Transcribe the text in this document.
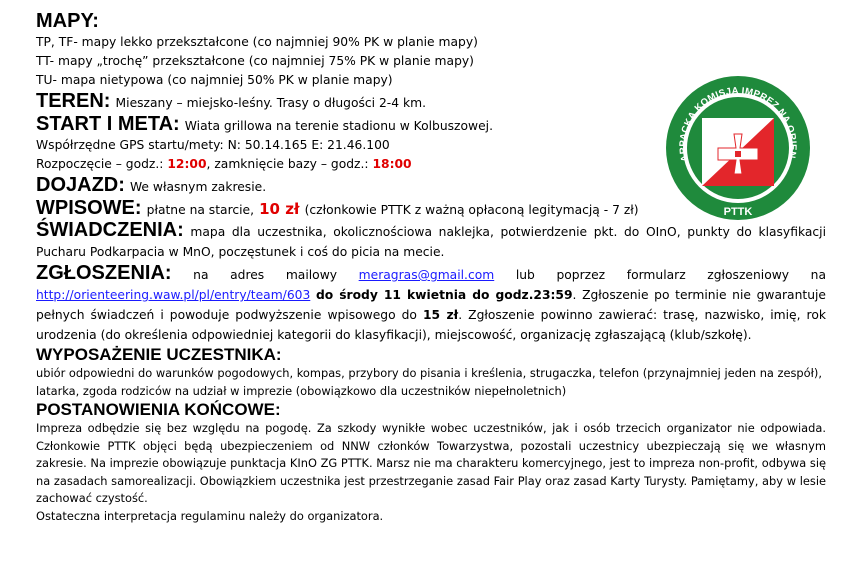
MAPY:
TP, TF- mapy lekko przekształcone (co najmniej 90% PK w planie mapy)
TT- mapy „trochę” przekształcone (co najmniej 75% PK w planie mapy)
TU- mapa nietypowa (co najmniej 50% PK w planie mapy)
TEREN: Mieszany – miejsko-leśny. Trasy o długości 2-4 km.
START I META: Wiata grillowa na terenie stadionu w Kolbuszowej.
Współrzędne GPS startu/mety: N: 50.14.165 E: 21.46.100
Rozpoczęcie – godz.: 12:00, zamknięcie bazy – godz.: 18:00
DOJAZD: We własnym zakresie.
WPISOWE: płatne na starcie, 10 zł (członkowie PTTK z ważną opłaconą legitymacją - 7 zł)
ŚWIADCZENIA: mapa dla uczestnika, okolicznościowa naklejka, potwierdzenie pkt. do OInO, punkty do klasyfikacji Pucharu Podkarpacia w MnO, poczęstunek i coś do picia na mecie.
ZGŁOSZENIA: na adres mailowy meragras@gmail.com lub poprzez formularz zgłoszeniowy na http://orienteering.waw.pl/pl/entry/team/603 do środy 11 kwietnia do godz.23:59. Zgłoszenie po terminie nie gwarantuje pełnych świadczeń i powoduje podwyższenie wpisowego do 15 zł. Zgłoszenie powinno zawierać: trasę, nazwisko, imię, rok urodzenia (do określenia odpowiedniej kategorii do klasyfikacji), miejscowość, organizację zgłaszającą (klub/szkołę).
WYPOSAŻENIE UCZESTNIKA:
ubiór odpowiedni do warunków pogodowych, kompas, przybory do pisania i kreślenia, strugaczka, telefon (przynajmniej jeden na zespół), latarka, zgoda rodziców na udział w imprezie (obowiązkowo dla uczestników niepełnoletnich)
POSTANOWIENIA KOŃCOWE:
Impreza odbędzie się bez względu na pogodę. Za szkody wynikłe wobec uczestników, jak i osób trzecich organizator nie odpowiada. Członkowie PTTK objęci będą ubezpieczeniem od NNW członków Towarzystwa, pozostali uczestnicy ubezpieczają się we własnym zakresie. Na imprezie obowiązuje punktacja KInO ZG PTTK. Marsz nie ma charakteru komercyjnego, jest to impreza non-profit, odbywa się na zasadach samorealizacji. Obowiązkiem uczestnika jest przestrzeganie zasad Fair Play oraz zasad Karty Turysty. Pamiętamy, aby w lesie zachować czystość.
Ostateczna interpretacja regulaminu należy do organizatora.
ARPACKA KOMISJA IMPREZ NA ORIEN
PTTK
